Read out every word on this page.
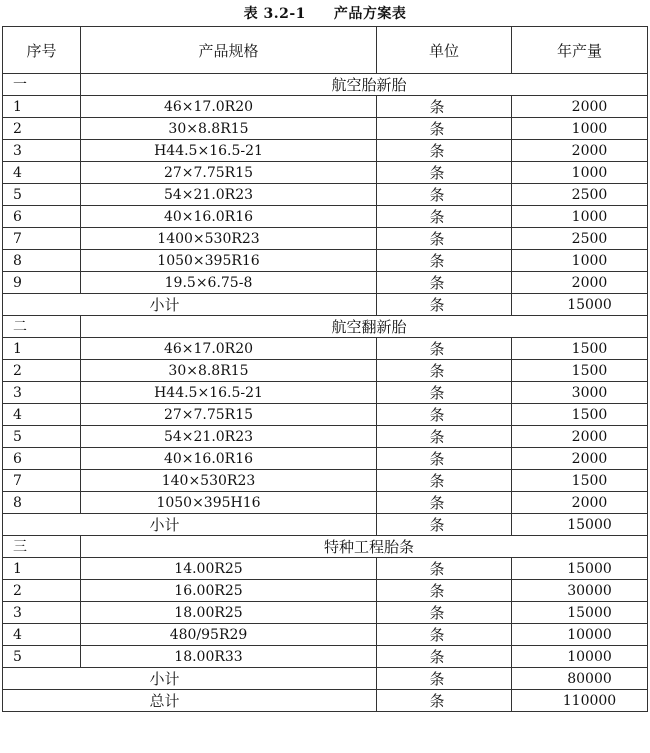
表 3.2-1 产品方案表
序号	产品规格	单位	年产量
一	航空胎新胎		
1	46×17.0R20	条	2000
2	30×8.8R15	条	1000
3	H44.5×16.5-21	条	2000
4	27×7.75R15	条	1000
5	54×21.0R23	条	2500
6	40×16.0R16	条	1000
7	1400×530R23	条	2500
8	1050×395R16	条	1000
9	19.5×6.75-8	条	2000
小计		条	15000
二	航空翻新胎		
1	46×17.0R20	条	1500
2	30×8.8R15	条	1500
3	H44.5×16.5-21	条	3000
4	27×7.75R15	条	1500
5	54×21.0R23	条	2000
6	40×16.0R16	条	2000
7	140×530R23	条	1500
8	1050×395H16	条	2000
小计		条	15000
三	特种工程胎条		
1	14.00R25	条	15000
2	16.00R25	条	30000
3	18.00R25	条	15000
4	480/95R29	条	10000
5	18.00R33	条	10000
小计		条	80000
总计		条	110000
